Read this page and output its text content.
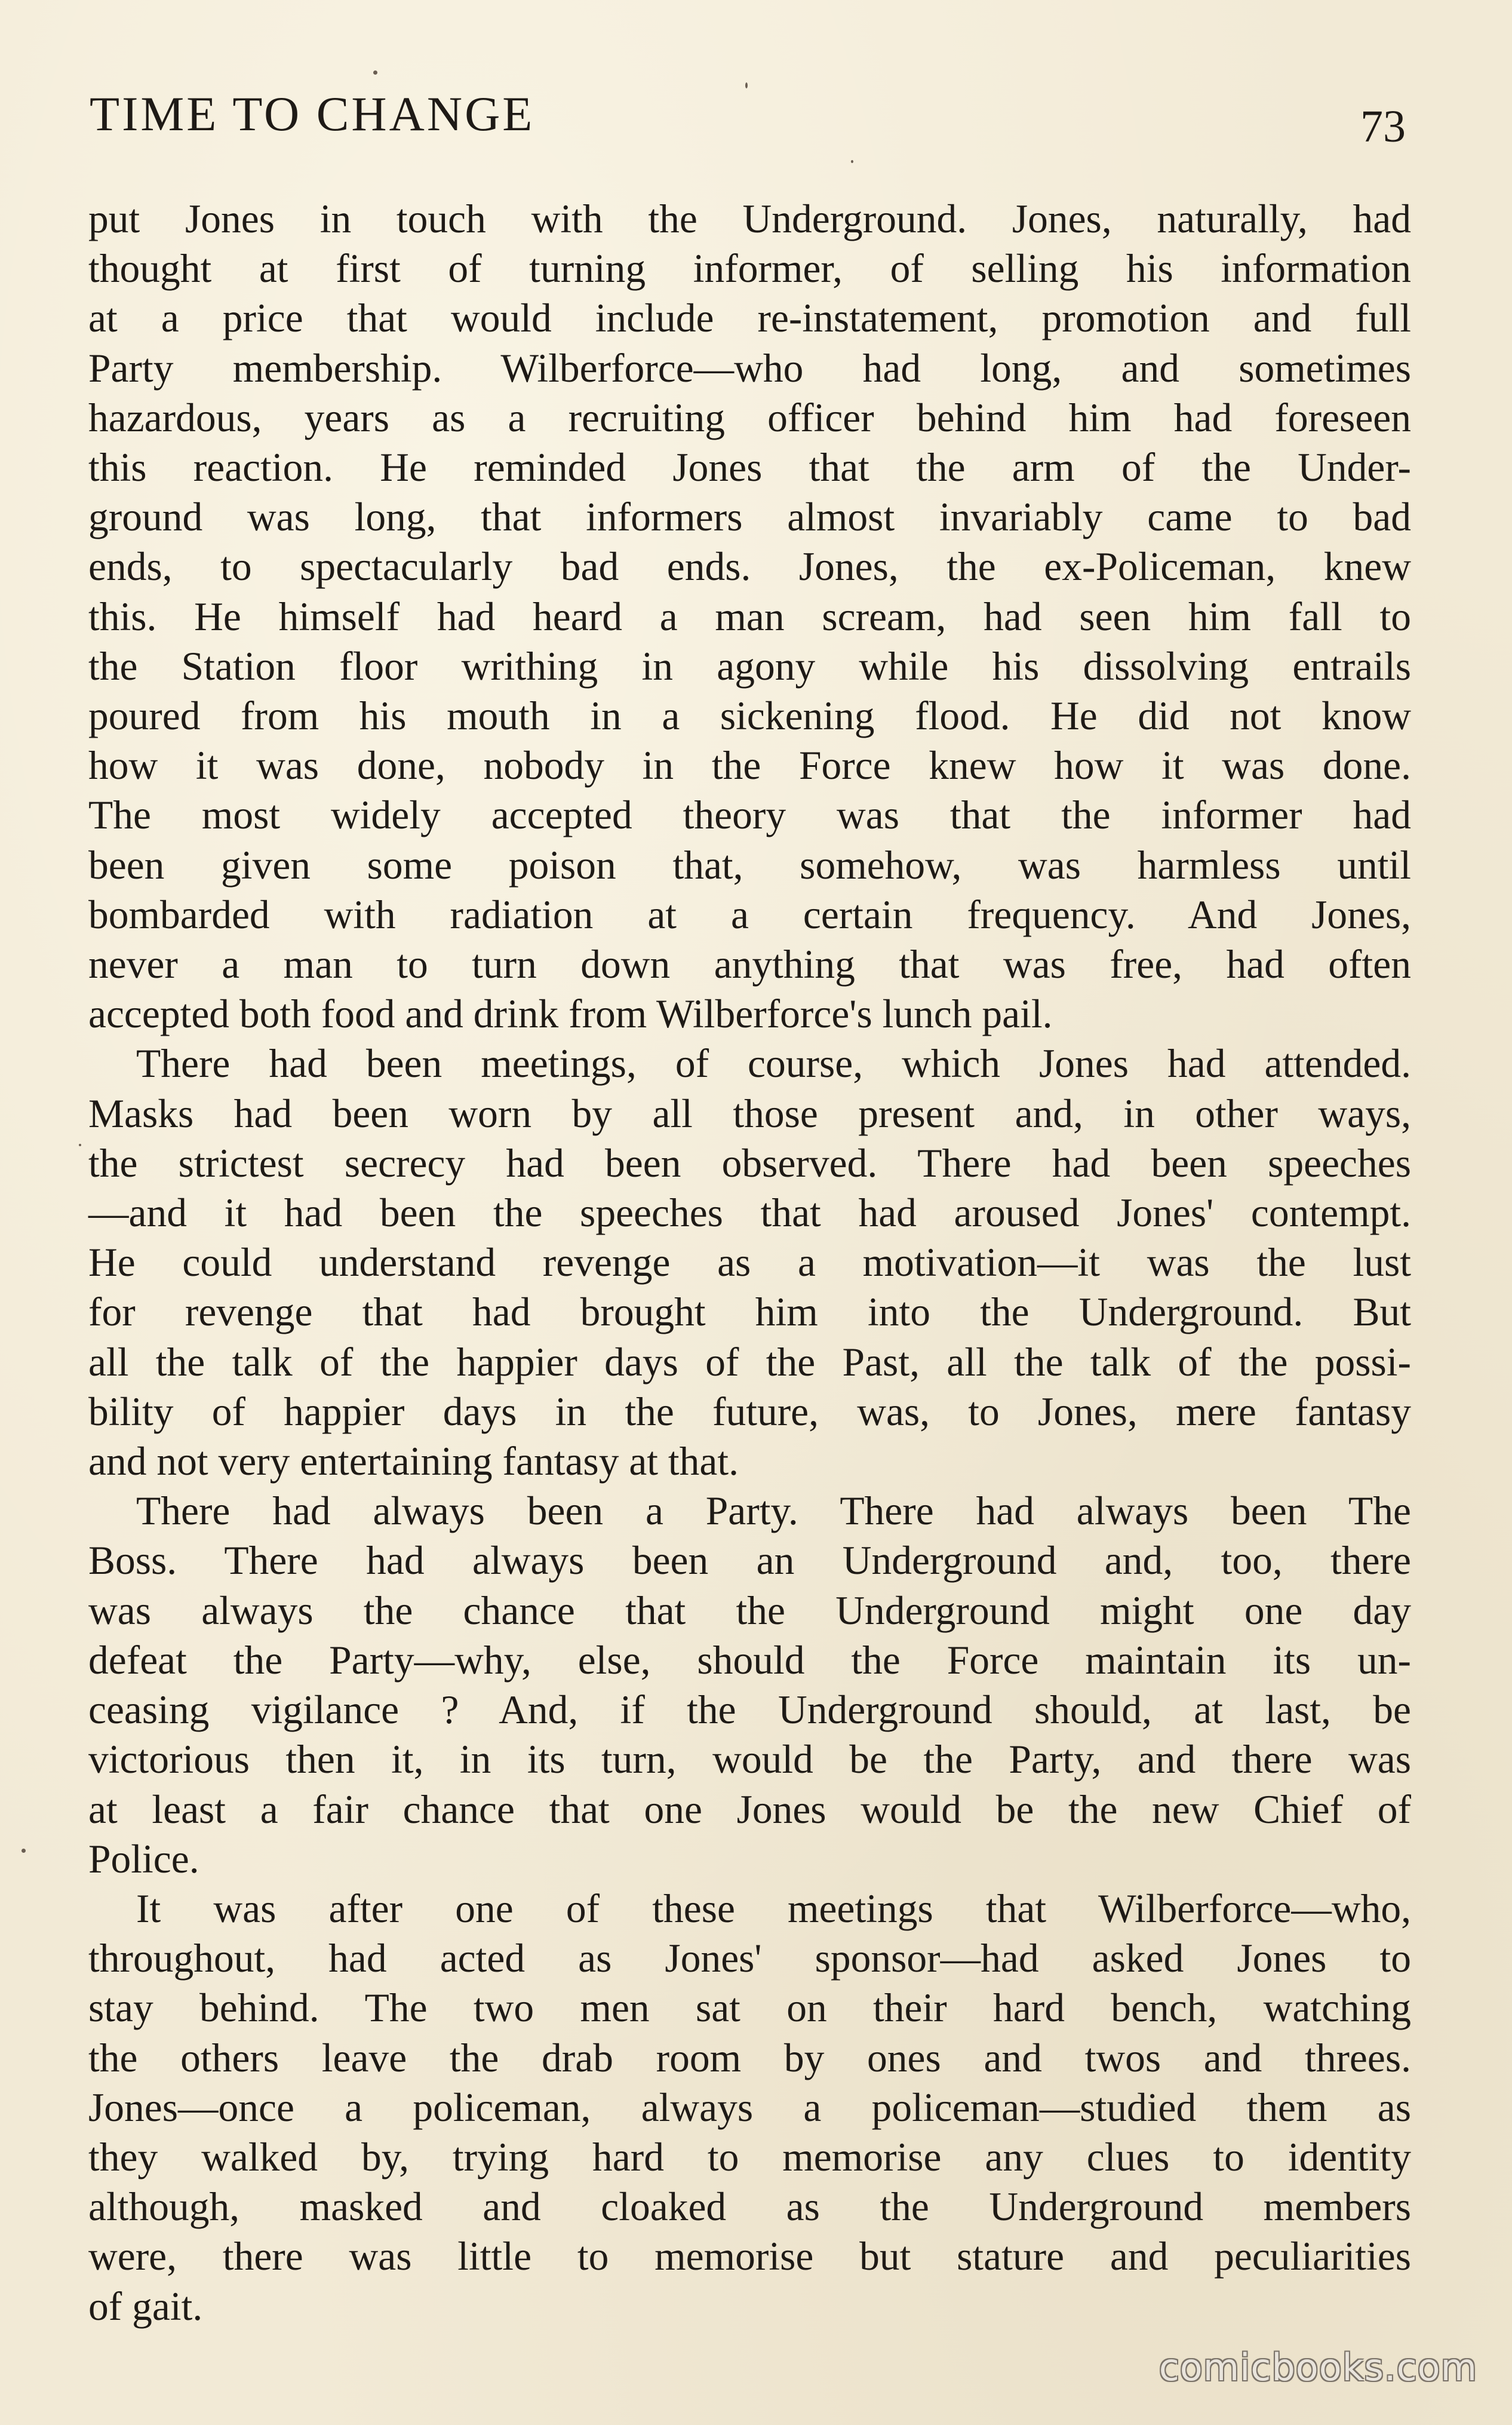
TIME TO CHANGE	73

put Jones in touch with the Underground. Jones, naturally, had
thought at first of turning informer, of selling his information
at a price that would include re-instatement, promotion and full
Party membership. Wilberforce—who had long, and sometimes
hazardous, years as a recruiting officer behind him had foreseen
this reaction. He reminded Jones that the arm of the Under-
ground was long, that informers almost invariably came to bad
ends, to spectacularly bad ends. Jones, the ex-Policeman, knew
this. He himself had heard a man scream, had seen him fall to
the Station floor writhing in agony while his dissolving entrails
poured from his mouth in a sickening flood. He did not know
how it was done, nobody in the Force knew how it was done.
The most widely accepted theory was that the informer had
been given some poison that, somehow, was harmless until
bombarded with radiation at a certain frequency. And Jones,
never a man to turn down anything that was free, had often
accepted both food and drink from Wilberforce's lunch pail.

There had been meetings, of course, which Jones had attended.
Masks had been worn by all those present and, in other ways,
the strictest secrecy had been observed. There had been speeches
—and it had been the speeches that had aroused Jones' contempt.
He could understand revenge as a motivation—it was the lust
for revenge that had brought him into the Underground. But
all the talk of the happier days of the Past, all the talk of the possi-
bility of happier days in the future, was, to Jones, mere fantasy
and not very entertaining fantasy at that.

There had always been a Party. There had always been The
Boss. There had always been an Underground and, too, there
was always the chance that the Underground might one day
defeat the Party—why, else, should the Force maintain its un-
ceasing vigilance ? And, if the Underground should, at last, be
victorious then it, in its turn, would be the Party, and there was
at least a fair chance that one Jones would be the new Chief of
Police.

It was after one of these meetings that Wilberforce—who,
throughout, had acted as Jones' sponsor—had asked Jones to
stay behind. The two men sat on their hard bench, watching
the others leave the drab room by ones and twos and threes.
Jones—once a policeman, always a policeman—studied them as
they walked by, trying hard to memorise any clues to identity
although, masked and cloaked as the Underground members
were, there was little to memorise but stature and peculiarities
of gait.

comicbooks.com
